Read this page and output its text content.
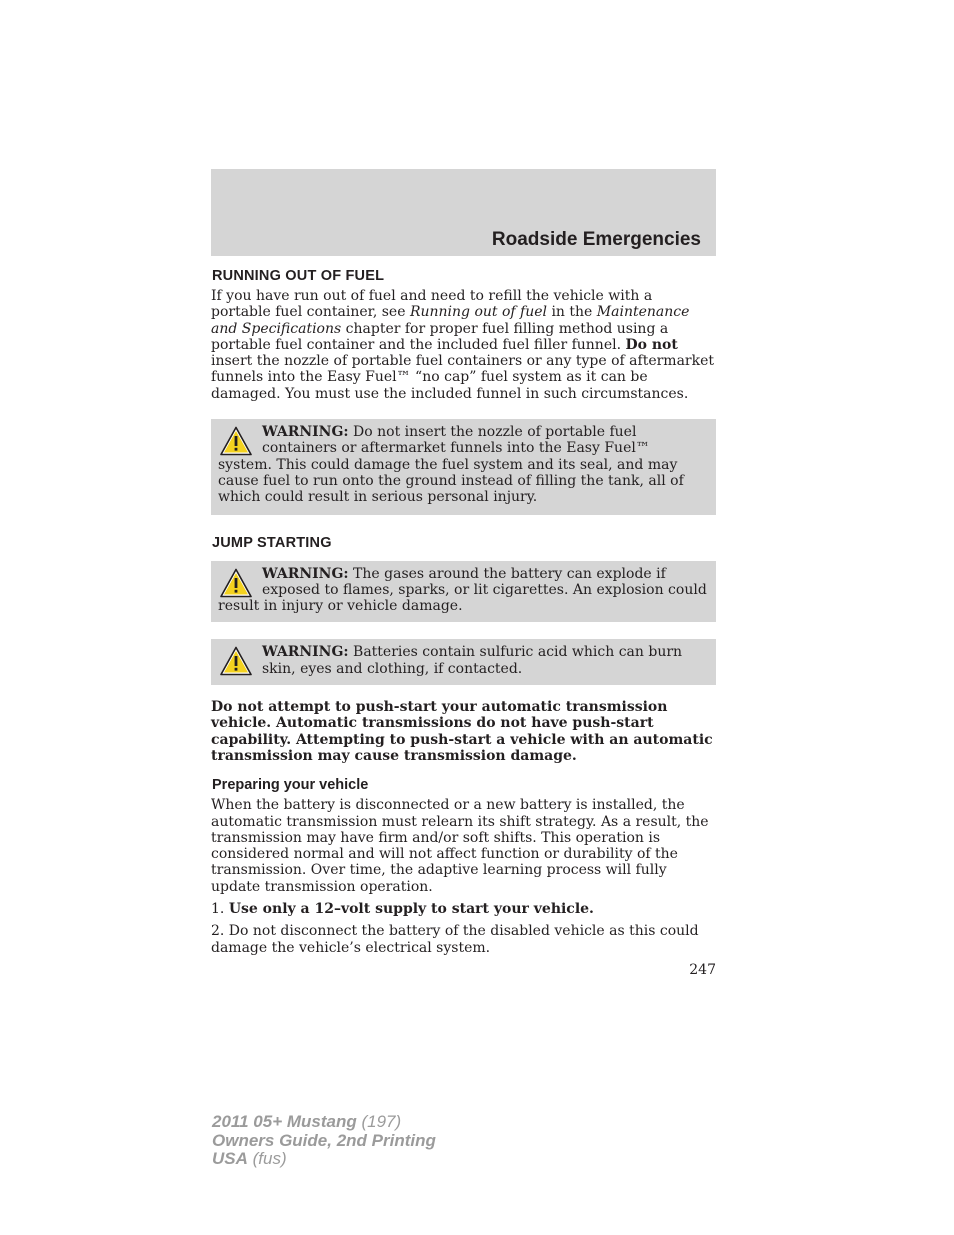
Roadside Emergencies
RUNNING OUT OF FUEL

If you have run out of fuel and need to refill the vehicle with a portable fuel container, see Running out of fuel in the Maintenance and Specifications chapter for proper fuel filling method using a portable fuel container and the included fuel filler funnel. Do not insert the nozzle of portable fuel containers or any type of aftermarket funnels into the Easy Fuel™ “no cap” fuel system as it can be damaged. You must use the included funnel in such circumstances.

WARNING: Do not insert the nozzle of portable fuel containers or aftermarket funnels into the Easy Fuel™ system. This could damage the fuel system and its seal, and may cause fuel to run onto the ground instead of filling the tank, all of which could result in serious personal injury.
JUMP STARTING
WARNING: The gases around the battery can explode if exposed to flames, sparks, or lit cigarettes. An explosion could result in injury or vehicle damage.
WARNING: Batteries contain sulfuric acid which can burn skin, eyes and clothing, if contacted.

Do not attempt to push-start your automatic transmission vehicle. Automatic transmissions do not have push-start capability. Attempting to push-start a vehicle with an automatic transmission may cause transmission damage.

Preparing your vehicle

When the battery is disconnected or a new battery is installed, the automatic transmission must relearn its shift strategy. As a result, the transmission may have firm and/or soft shifts. This operation is considered normal and will not affect function or durability of the transmission. Over time, the adaptive learning process will fully update transmission operation.

1. Use only a 12–volt supply to start your vehicle.

2. Do not disconnect the battery of the disabled vehicle as this could damage the vehicle’s electrical system.

247
2011 05+ Mustang (197)
Owners Guide, 2nd Printing
USA (fus)
